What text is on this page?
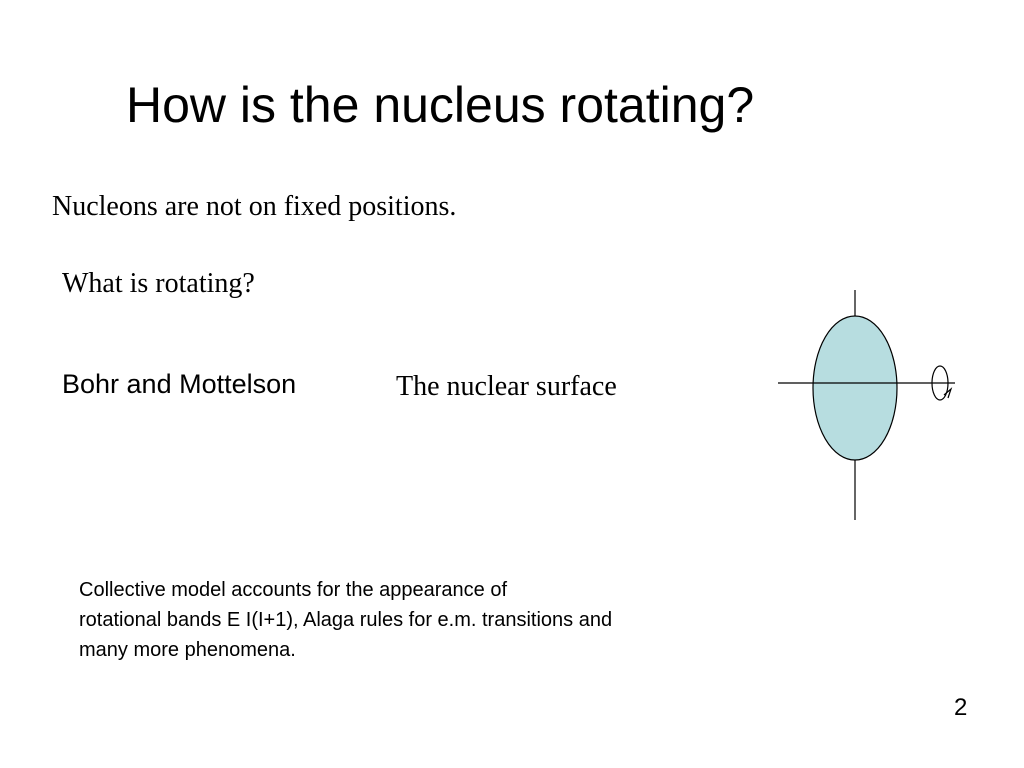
How is the nucleus rotating?
Nucleons are not on fixed positions.
What is rotating?
Bohr and Mottelson	The nuclear surface
Collective model accounts for the appearance of
rotational bands E I(I+1), Alaga rules for e.m. transitions and
many more phenomena.
2
